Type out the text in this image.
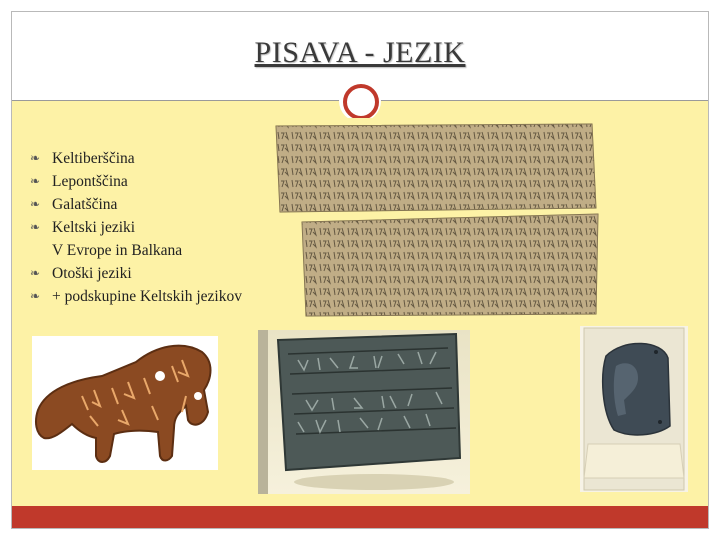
PISAVA - JEZIK
❧ Keltiberščina
❧ Lepontščina
❧ Galatščina
❧ Keltski jeziki
V Evrope in Balkana
❧ Otoški jeziki
❧ + podskupine Keltskih jezikov
